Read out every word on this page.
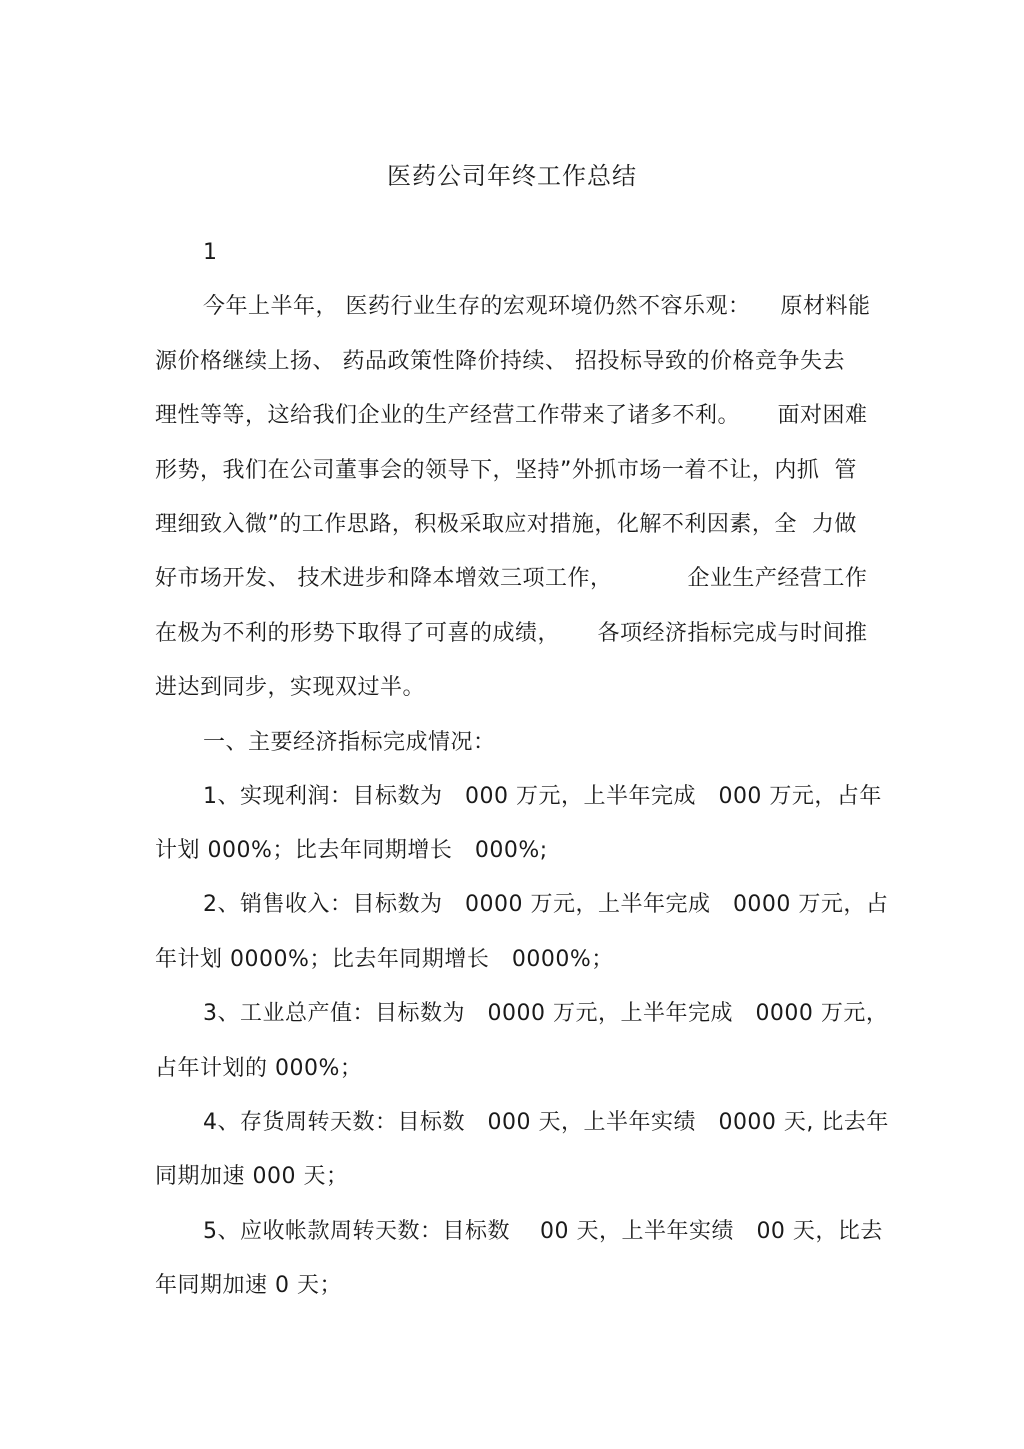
医药公司年终工作总结
1
今年上半年， 医药行业生存的宏观环境仍然不容乐观：    原材料能
源价格继续上扬、 药品政策性降价持续、 招投标导致的价格竞争失去
理性等等，这给我们企业的生产经营工作带来了诸多不利。     面对困难
形势，我们在公司董事会的领导下，坚持”外抓市场一着不让，内抓  管
理细致入微”的工作思路，积极采取应对措施，化解不利因素，全  力做
好市场开发、 技术进步和降本增效三项工作，          企业生产经营工作
在极为不利的形势下取得了可喜的成绩，     各项经济指标完成与时间推
进达到同步，实现双过半。
一、主要经济指标完成情况：
1、实现利润：目标数为   000 万元，上半年完成   000 万元，占年
计划 000%；比去年同期增长   000%;
2、销售收入：目标数为   0000 万元，上半年完成   0000 万元，占
年计划 0000%；比去年同期增长   0000%；
3、工业总产值：目标数为   0000 万元，上半年完成   0000 万元，
占年计划的 000%；
4、存货周转天数：目标数   000 天，上半年实绩   0000 天, 比去年
同期加速 000 天；
5、应收帐款周转天数：目标数    00 天，上半年实绩   00 天，比去
年同期加速 0 天；
